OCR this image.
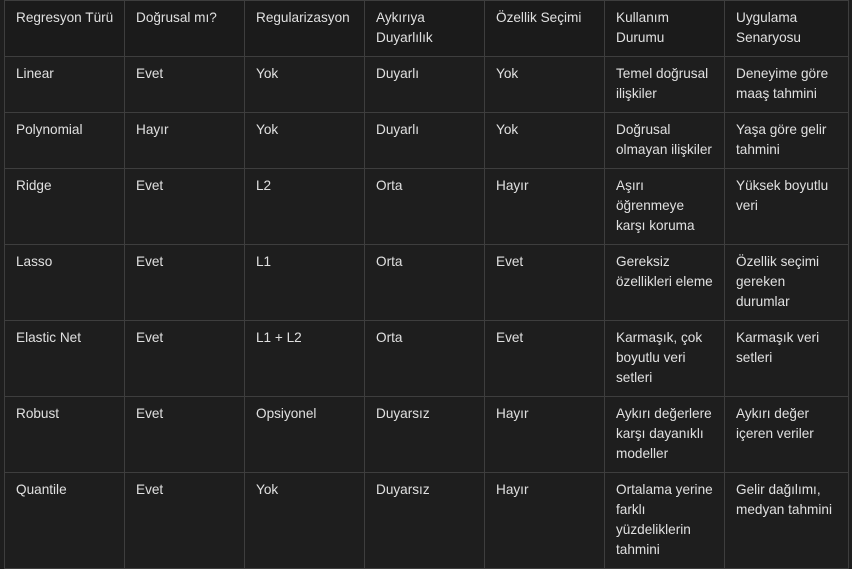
Regresyon Türü	Doğrusal mı?	Regularizasyon	Aykırıya Duyarlılık	Özellik Seçimi	Kullanım Durumu	Uygulama Senaryosu
Linear	Evet	Yok	Duyarlı	Yok	Temel doğrusal ilişkiler	Deneyime göre maaş tahmini
Polynomial	Hayır	Yok	Duyarlı	Yok	Doğrusal olmayan ilişkiler	Yaşa göre gelir tahmini
Ridge	Evet	L2	Orta	Hayır	Aşırı öğrenmeye karşı koruma	Yüksek boyutlu veri
Lasso	Evet	L1	Orta	Evet	Gereksiz özellikleri eleme	Özellik seçimi gereken durumlar
Elastic Net	Evet	L1 + L2	Orta	Evet	Karmaşık, çok boyutlu veri setleri	Karmaşık veri setleri
Robust	Evet	Opsiyonel	Duyarsız	Hayır	Aykırı değerlere karşı dayanıklı modeller	Aykırı değer içeren veriler
Quantile	Evet	Yok	Duyarsız	Hayır	Ortalama yerine farklı yüzdeliklerin tahmini	Gelir dağılımı, medyan tahmini
